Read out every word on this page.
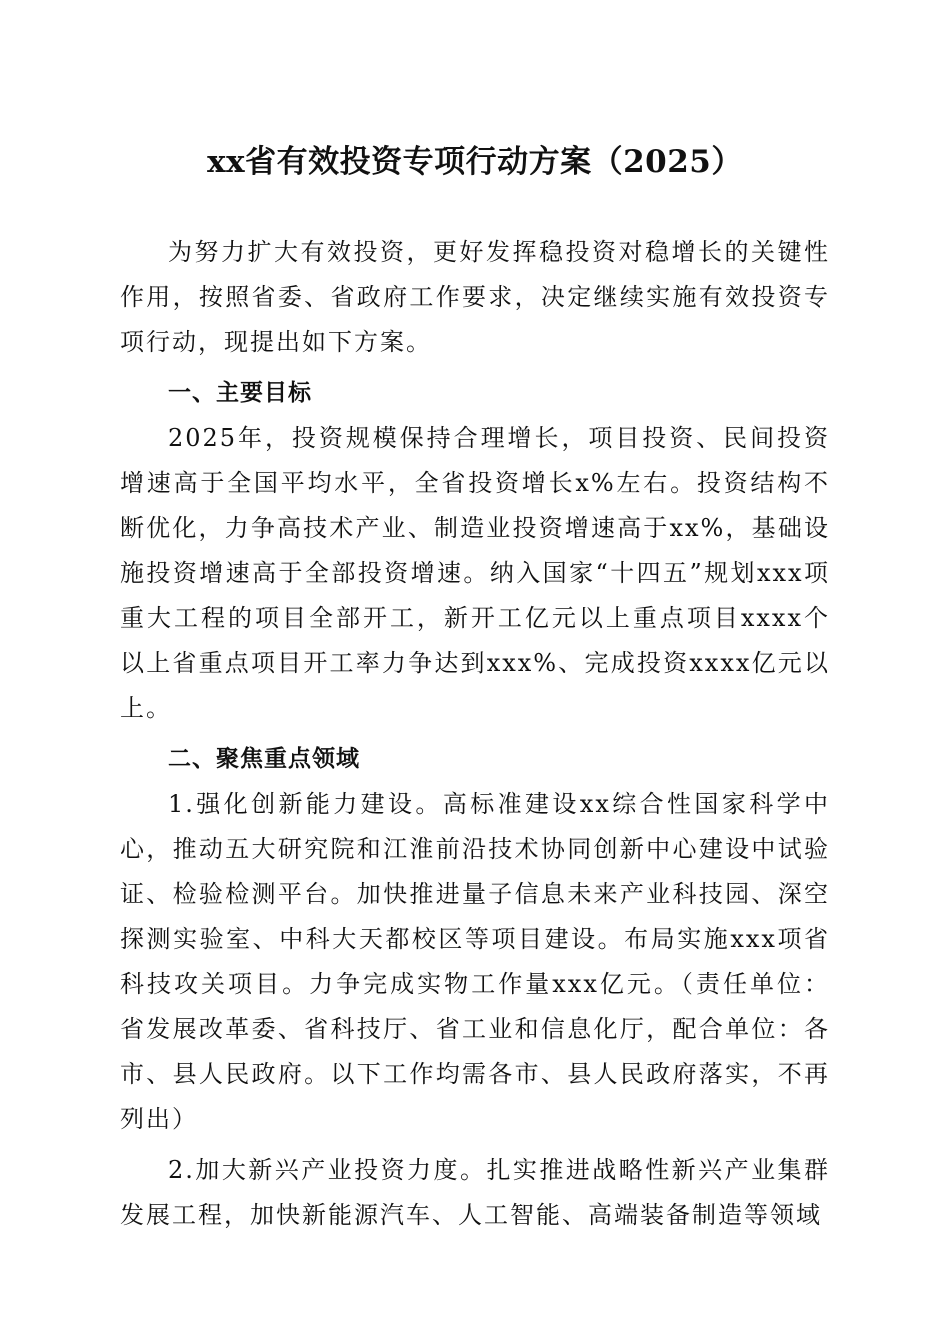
xx省有效投资专项行动方案（2025）

为努力扩大有效投资，更好发挥稳投资对稳增长的关键性作用，按照省委、省政府工作要求，决定继续实施有效投资专项行动，现提出如下方案。

一、主要目标

2025年，投资规模保持合理增长，项目投资、民间投资增速高于全国平均水平，全省投资增长x%左右。投资结构不断优化，力争高技术产业、制造业投资增速高于xx%，基础设施投资增速高于全部投资增速。纳入国家“十四五”规划xxx项重大工程的项目全部开工，新开工亿元以上重点项目xxxx个以上省重点项目开工率力争达到xxx%、完成投资xxxx亿元以上。

二、聚焦重点领域

1.强化创新能力建设。高标准建设xx综合性国家科学中心，推动五大研究院和江淮前沿技术协同创新中心建设中试验证、检验检测平台。加快推进量子信息未来产业科技园、深空探测实验室、中科大天都校区等项目建设。布局实施xxx项省科技攻关项目。力争完成实物工作量xxx亿元。（责任单位：省发展改革委、省科技厅、省工业和信息化厅，配合单位：各市、县人民政府。以下工作均需各市、县人民政府落实，不再列出）

2.加大新兴产业投资力度。扎实推进战略性新兴产业集群发展工程，加快新能源汽车、人工智能、高端装备制造等领域
